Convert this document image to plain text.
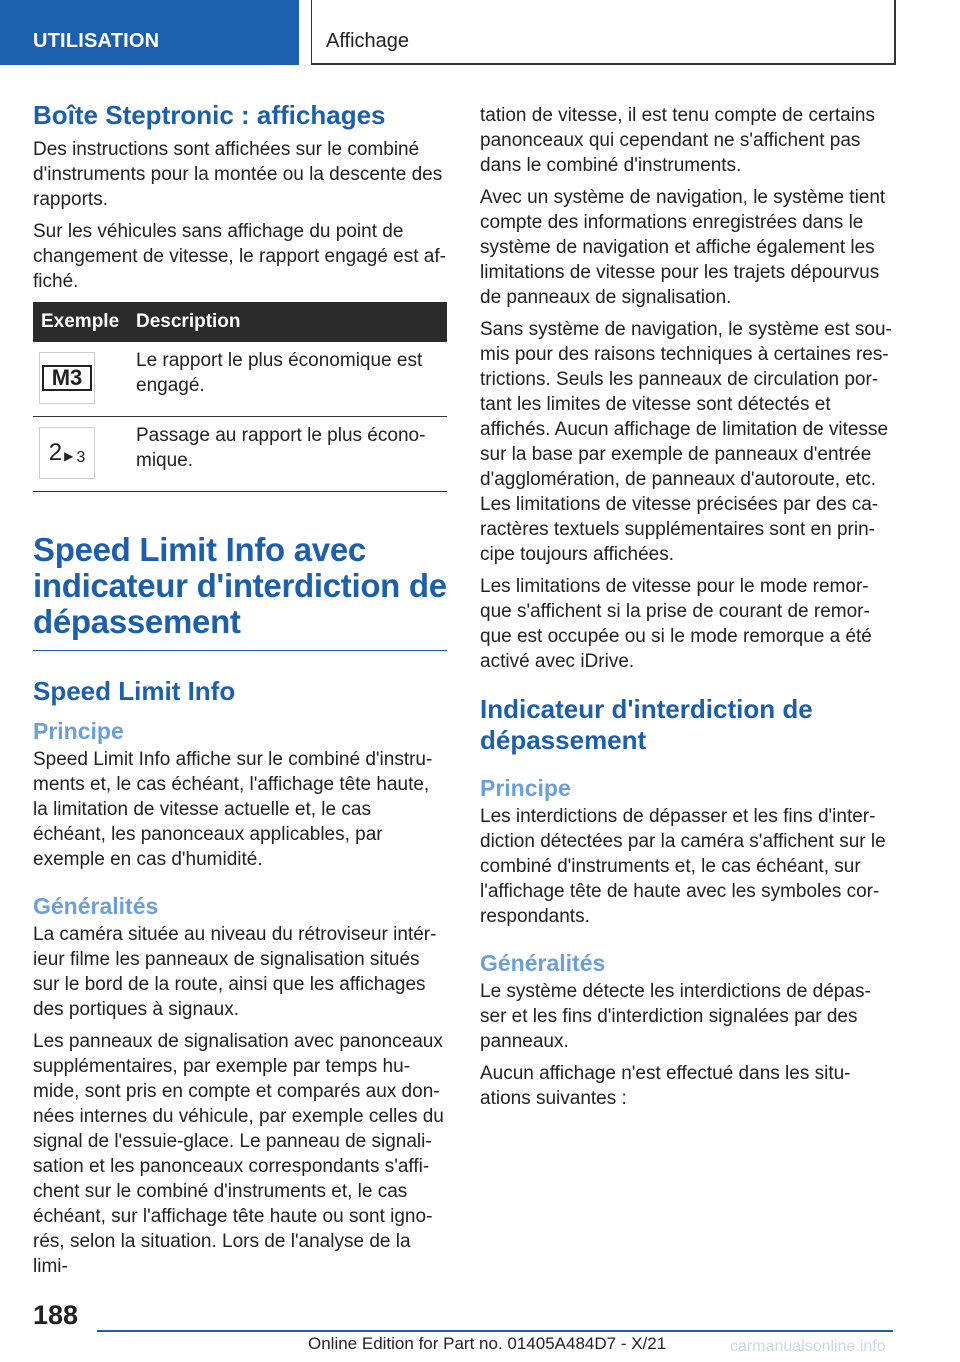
UTILISATION	Affichage
Boîte Steptronic : affichages

Des instructions sont affichées sur le combiné d'instruments pour la montée ou la descente des rapports.

Sur les véhicules sans affichage du point de changement de vitesse, le rapport engagé est af-fiché.

Exemple Description
M3
Le rapport le plus économique est engagé.
2 ▶ 3
Passage au rapport le plus écono-mique.
Speed Limit Info avec indicateur d'interdiction de dépassement
Speed Limit Info
Principe

Speed Limit Info affiche sur le combiné d'instru-ments et, le cas échéant, l'affichage tête haute, la limitation de vitesse actuelle et, le cas échéant, les panonceaux applicables, par exemple en cas d'humidité.

Généralités

La caméra située au niveau du rétroviseur intér-ieur filme les panneaux de signalisation situés sur le bord de la route, ainsi que les affichages des portiques à signaux.

Les panneaux de signalisation avec panonceaux supplémentaires, par exemple par temps hu-mide, sont pris en compte et comparés aux don-nées internes du véhicule, par exemple celles du signal de l'essuie-glace. Le panneau de signali-sation et les panonceaux correspondants s'affi-chent sur le combiné d'instruments et, le cas échéant, sur l'affichage tête haute ou sont igno-rés, selon la situation. Lors de l'analyse de la limi-

tation de vitesse, il est tenu compte de certains panonceaux qui cependant ne s'affichent pas dans le combiné d'instruments.

Avec un système de navigation, le système tient compte des informations enregistrées dans le système de navigation et affiche également les limitations de vitesse pour les trajets dépourvus de panneaux de signalisation.

Sans système de navigation, le système est sou-mis pour des raisons techniques à certaines res-trictions. Seuls les panneaux de circulation por-tant les limites de vitesse sont détectés et affichés. Aucun affichage de limitation de vitesse sur la base par exemple de panneaux d'entrée d'agglomération, de panneaux d'autoroute, etc. Les limitations de vitesse précisées par des ca-ractères textuels supplémentaires sont en prin-cipe toujours affichées.

Les limitations de vitesse pour le mode remor-que s'affichent si la prise de courant de remor-que est occupée ou si le mode remorque a été activé avec iDrive.

Indicateur d'interdiction de dépassement
Principe

Les interdictions de dépasser et les fins d'inter-diction détectées par la caméra s'affichent sur le combiné d'instruments et, le cas échéant, sur l'affichage tête de haute avec les symboles cor-respondants.

Généralités

Le système détecte les interdictions de dépas-ser et les fins d'interdiction signalées par des panneaux.

Aucun affichage n'est effectué dans les situ-ations suivantes :

188
Online Edition for Part no. 01405A484D7 - X/21	carmanualsonline.info
